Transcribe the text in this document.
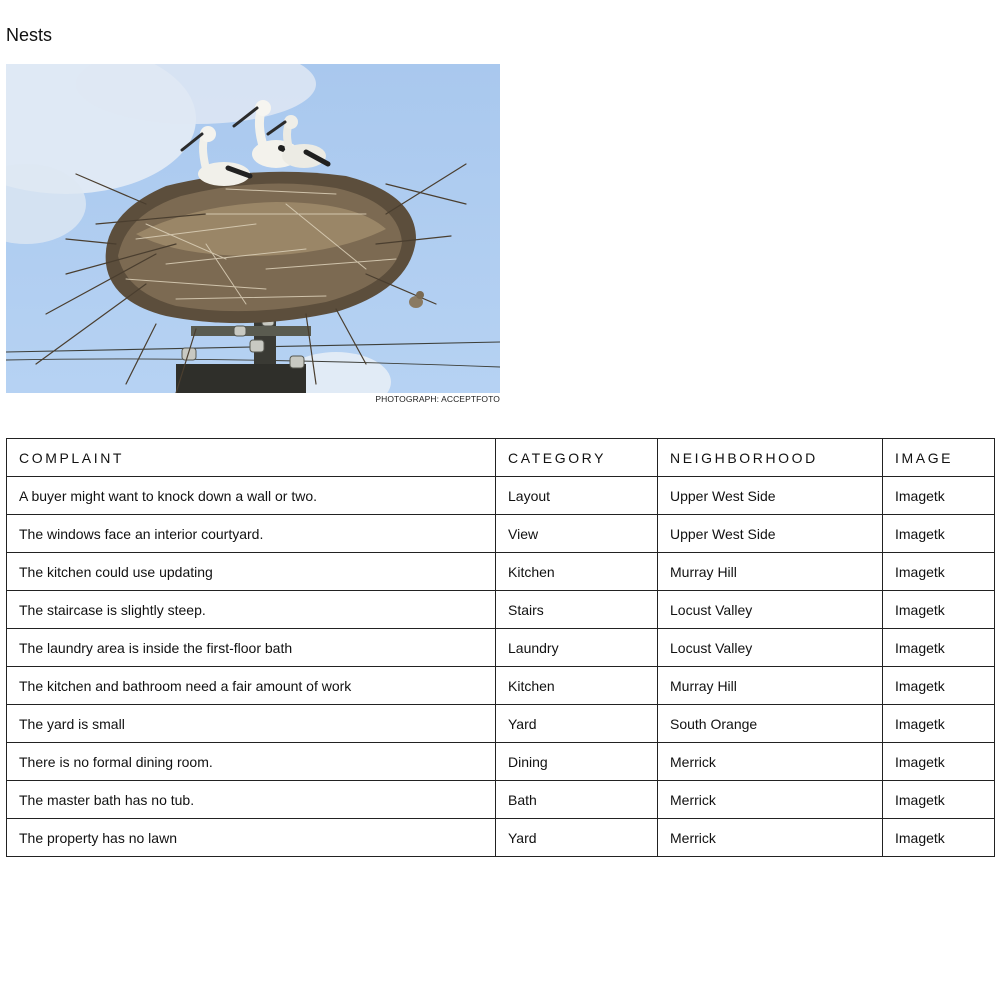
Nests
PHOTOGRAPH: ACCEPTFOTO
COMPLAINT	CATEGORY	NEIGHBORHOOD	IMAGE
A buyer might want to knock down a wall or two.	Layout	Upper West Side	Imagetk
The windows face an interior courtyard.	View	Upper West Side	Imagetk
The kitchen could use updating	Kitchen	Murray Hill	Imagetk
The staircase is slightly steep.	Stairs	Locust Valley	Imagetk
The laundry area is inside the first-floor bath	Laundry	Locust Valley	Imagetk
The kitchen and bathroom need a fair amount of work	Kitchen	Murray Hill	Imagetk
The yard is small	Yard	South Orange	Imagetk
There is no formal dining room.	Dining	Merrick	Imagetk
The master bath has no tub.	Bath	Merrick	Imagetk
The property has no lawn	Yard	Merrick	Imagetk
